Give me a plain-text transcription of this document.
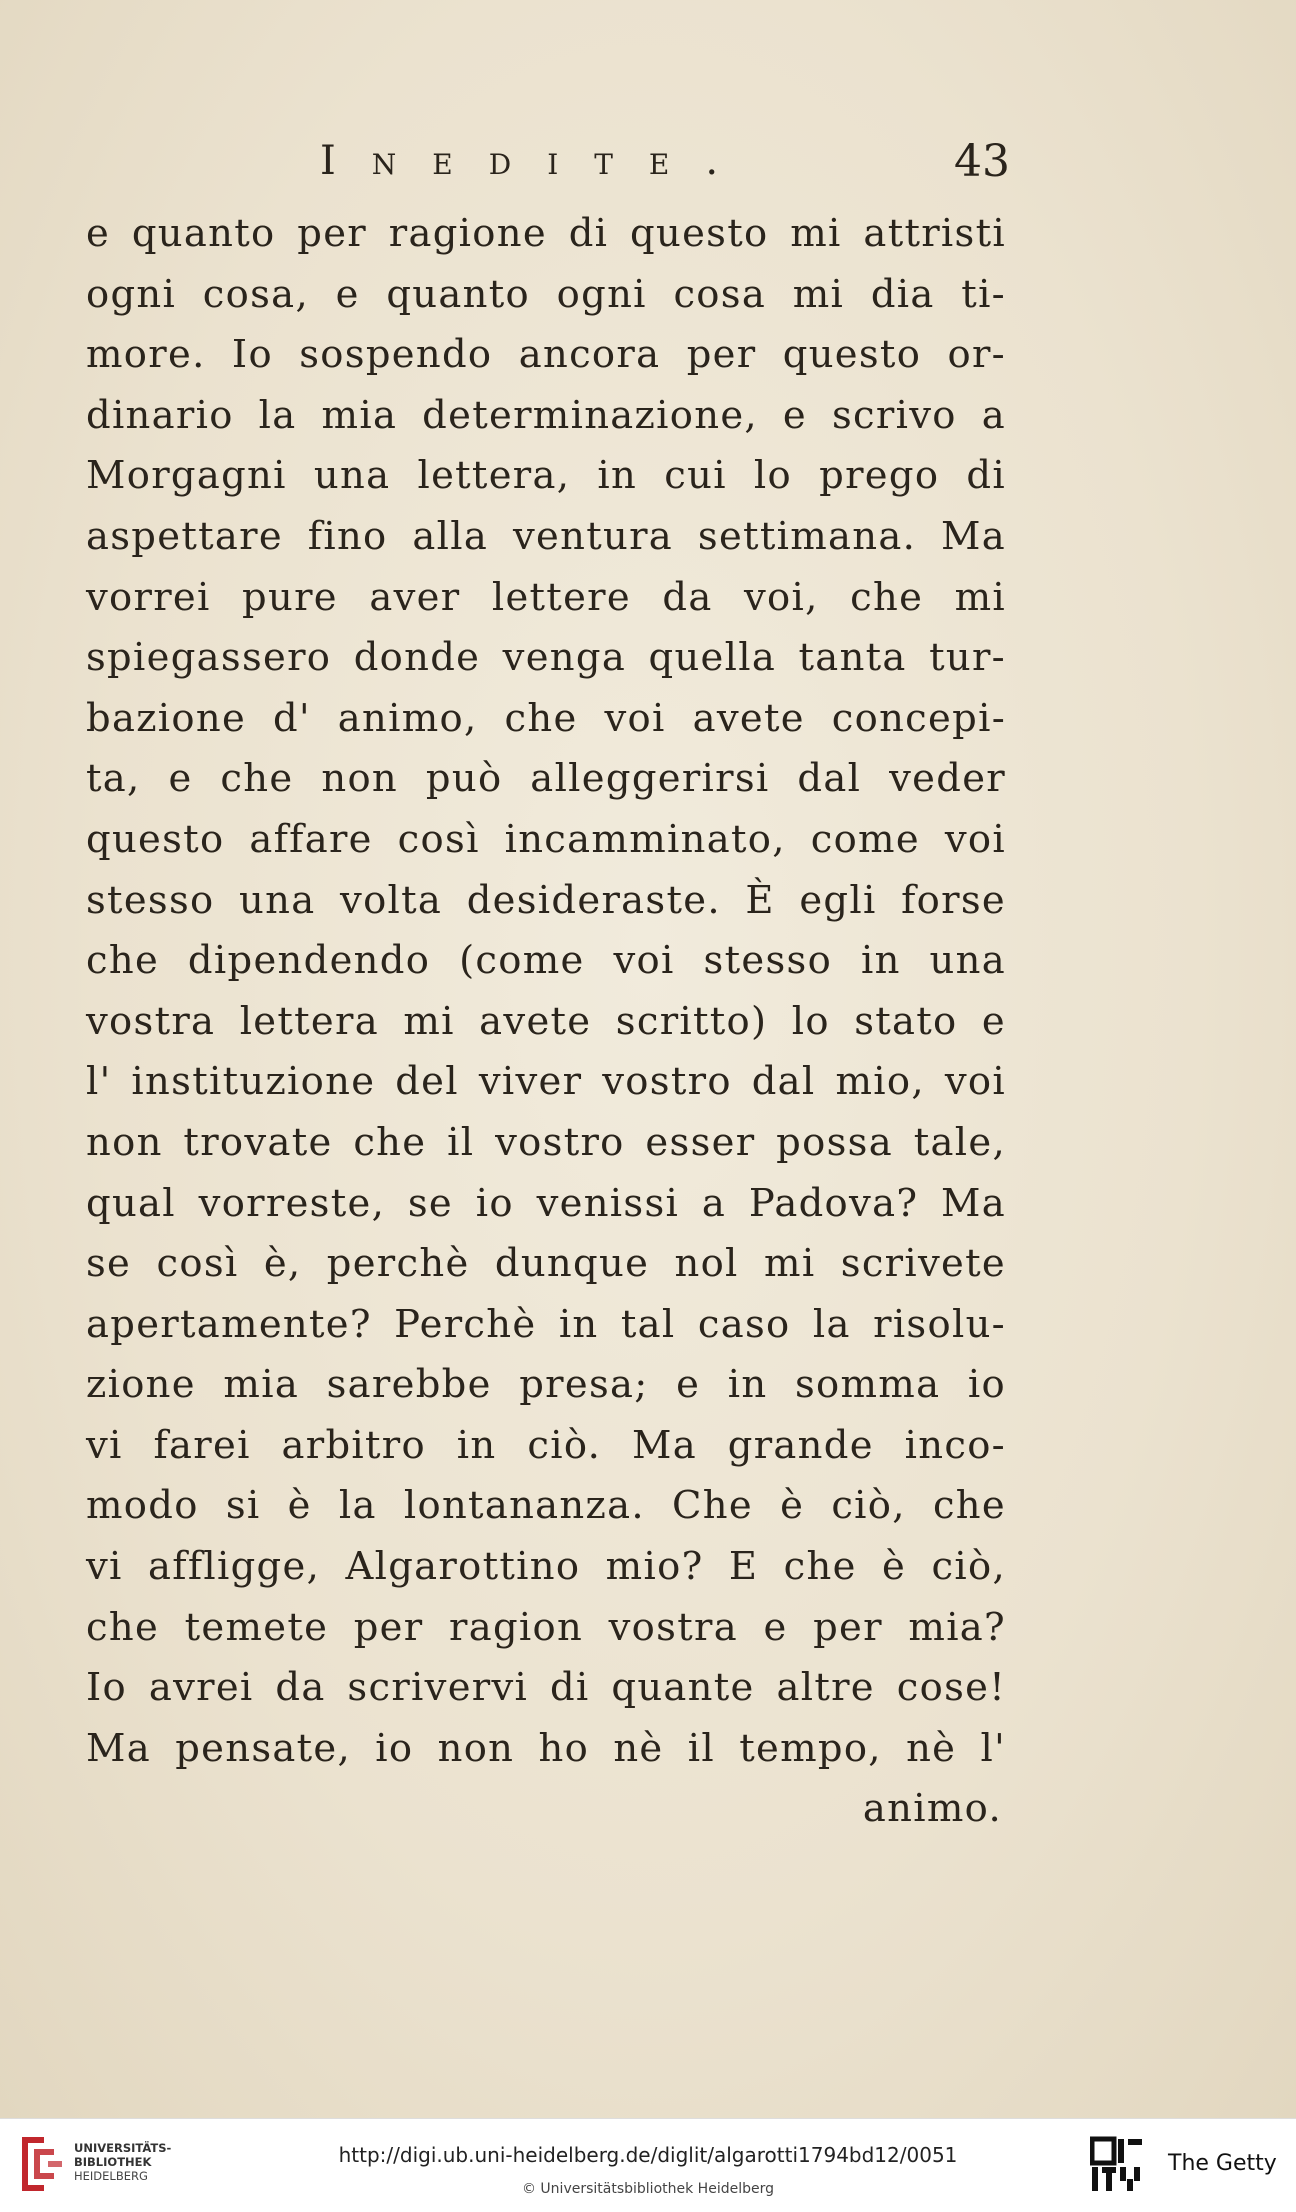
Inedite.	43
e quanto per ragione di questo mi attristi
ogni cosa, e quanto ogni cosa mi dia ti-
more. Io sospendo ancora per questo or-
dinario la mia determinazione, e scrivo a
Morgagni una lettera, in cui lo prego di
aspettare fino alla ventura settimana. Ma
vorrei pure aver lettere da voi, che mi
spiegassero donde venga quella tanta tur-
bazione d' animo, che voi avete concepi-
ta, e che non può alleggerirsi dal veder
questo affare così incamminato, come voi
stesso una volta desideraste. È egli forse
che dipendendo (come voi stesso in una
vostra lettera mi avete scritto) lo stato e
l' instituzione del viver vostro dal mio, voi
non trovate che il vostro esser possa tale,
qual vorreste, se io venissi a Padova? Ma
se così è, perchè dunque nol mi scrivete
apertamente? Perchè in tal caso la risolu-
zione mia sarebbe presa; e in somma io
vi farei arbitro in ciò. Ma grande inco-
modo si è la lontananza. Che è ciò, che
vi affligge, Algarottino mio? E che è ciò,
che temete per ragion vostra e per mia?
Io avrei da scrivervi di quante altre cose!
Ma pensate, io non ho nè il tempo, nè l'
animo.
UNIVERSITÄTS-
BIBLIOTHEK
HEIDELBERG
http://digi.ub.uni-heidelberg.de/diglit/algarotti1794bd12/0051
© Universitätsbibliothek Heidelberg
The Getty
